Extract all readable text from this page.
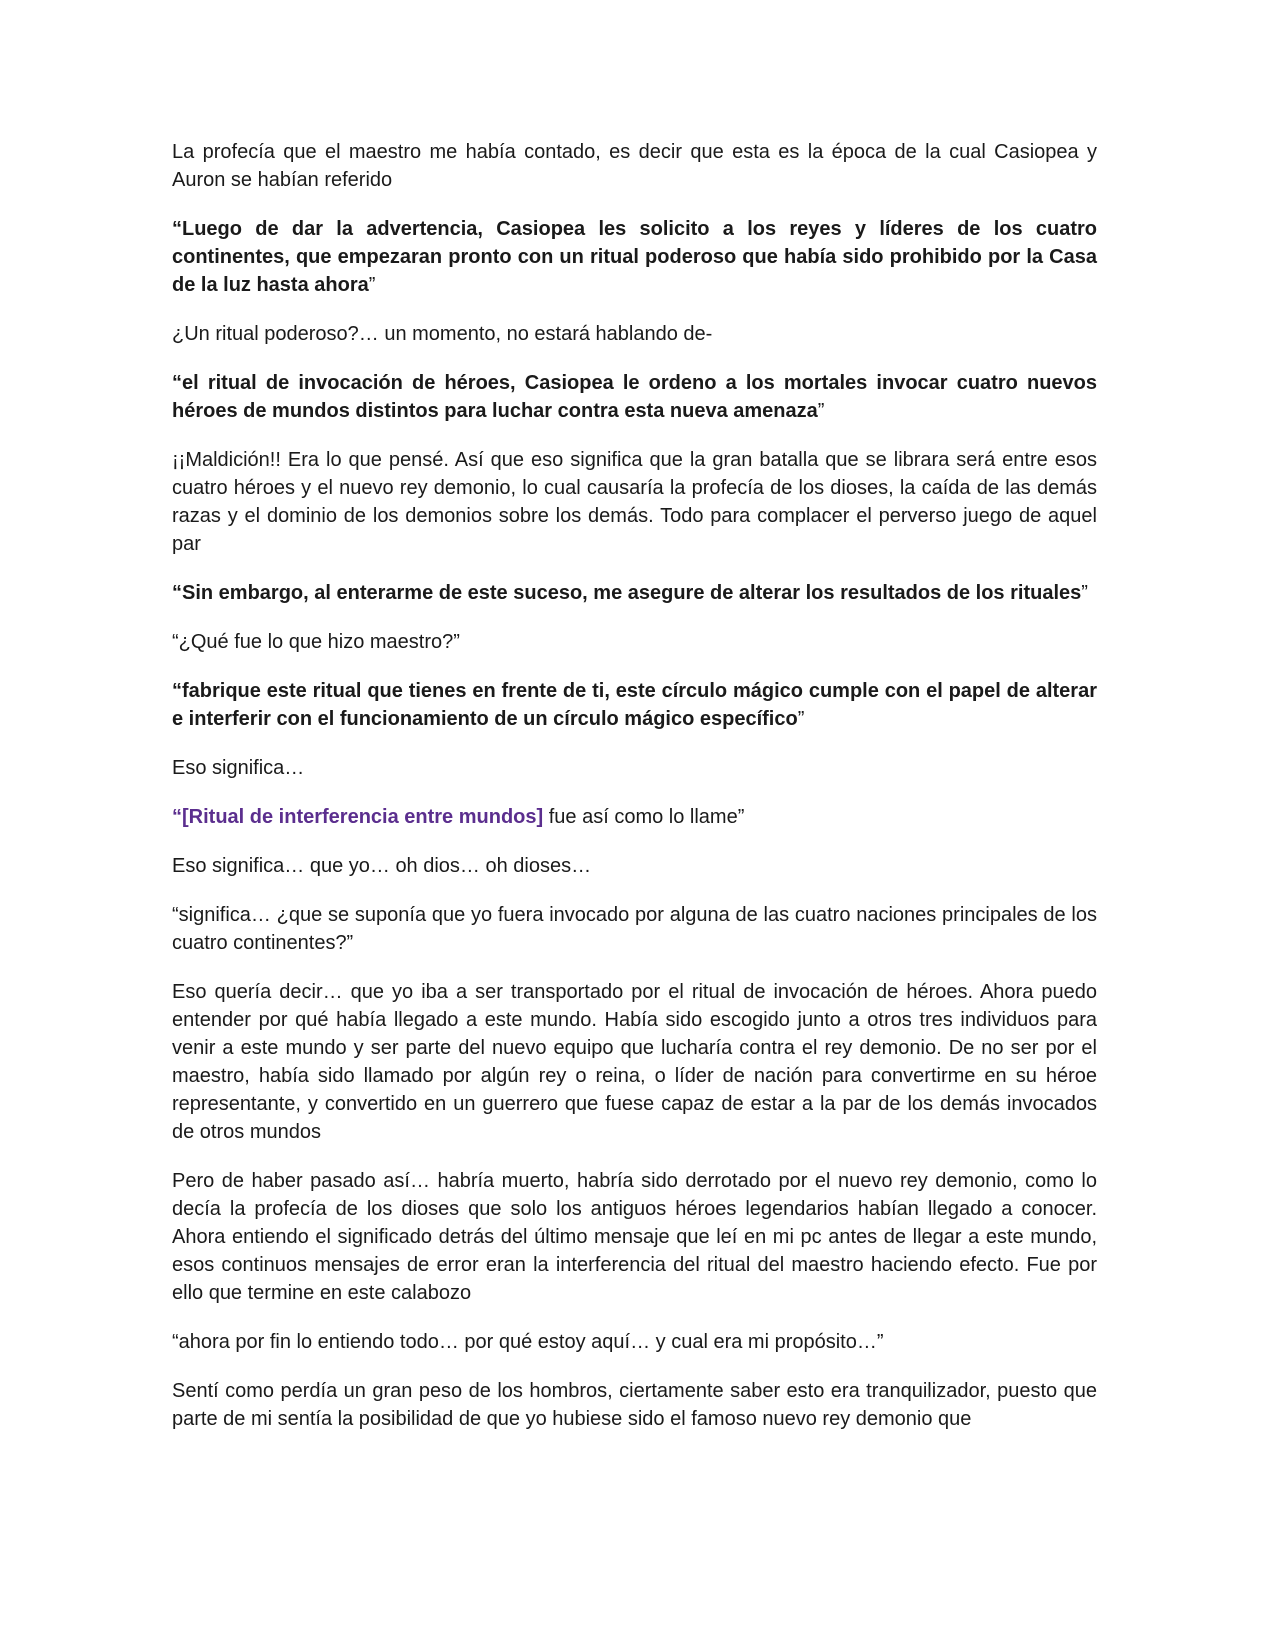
La profecía que el maestro me había contado, es decir que esta es la época de la cual Casiopea y Auron se habían referido

“Luego de dar la advertencia, Casiopea les solicito a los reyes y líderes de los cuatro continentes, que empezaran pronto con un ritual poderoso que había sido prohibido por la Casa de la luz hasta ahora”

¿Un ritual poderoso?… un momento, no estará hablando de-

“el ritual de invocación de héroes, Casiopea le ordeno a los mortales invocar cuatro nuevos héroes de mundos distintos para luchar contra esta nueva amenaza”

¡¡Maldición!! Era lo que pensé. Así que eso significa que la gran batalla que se librara será entre esos cuatro héroes y el nuevo rey demonio, lo cual causaría la profecía de los dioses, la caída de las demás razas y el dominio de los demonios sobre los demás. Todo para complacer el perverso juego de aquel par

“Sin embargo, al enterarme de este suceso, me asegure de alterar los resultados de los rituales”

“¿Qué fue lo que hizo maestro?”

“fabrique este ritual que tienes en frente de ti, este círculo mágico cumple con el papel de alterar e interferir con el funcionamiento de un círculo mágico específico”

Eso significa…

“[Ritual de interferencia entre mundos] fue así como lo llame”

Eso significa… que yo… oh dios… oh dioses…

“significa… ¿que se suponía que yo fuera invocado por alguna de las cuatro naciones principales de los cuatro continentes?”

Eso quería decir… que yo iba a ser transportado por el ritual de invocación de héroes. Ahora puedo entender por qué había llegado a este mundo. Había sido escogido junto a otros tres individuos para venir a este mundo y ser parte del nuevo equipo que lucharía contra el rey demonio. De no ser por el maestro, había sido llamado por algún rey o reina, o líder de nación para convertirme en su héroe representante, y convertido en un guerrero que fuese capaz de estar a la par de los demás invocados de otros mundos

Pero de haber pasado así… habría muerto, habría sido derrotado por el nuevo rey demonio, como lo decía la profecía de los dioses que solo los antiguos héroes legendarios habían llegado a conocer. Ahora entiendo el significado detrás del último mensaje que leí en mi pc antes de llegar a este mundo, esos continuos mensajes de error eran la interferencia del ritual del maestro haciendo efecto. Fue por ello que termine en este calabozo

“ahora por fin lo entiendo todo… por qué estoy aquí… y cual era mi propósito…”

Sentí como perdía un gran peso de los hombros, ciertamente saber esto era tranquilizador, puesto que parte de mi sentía la posibilidad de que yo hubiese sido el famoso nuevo rey demonio que
